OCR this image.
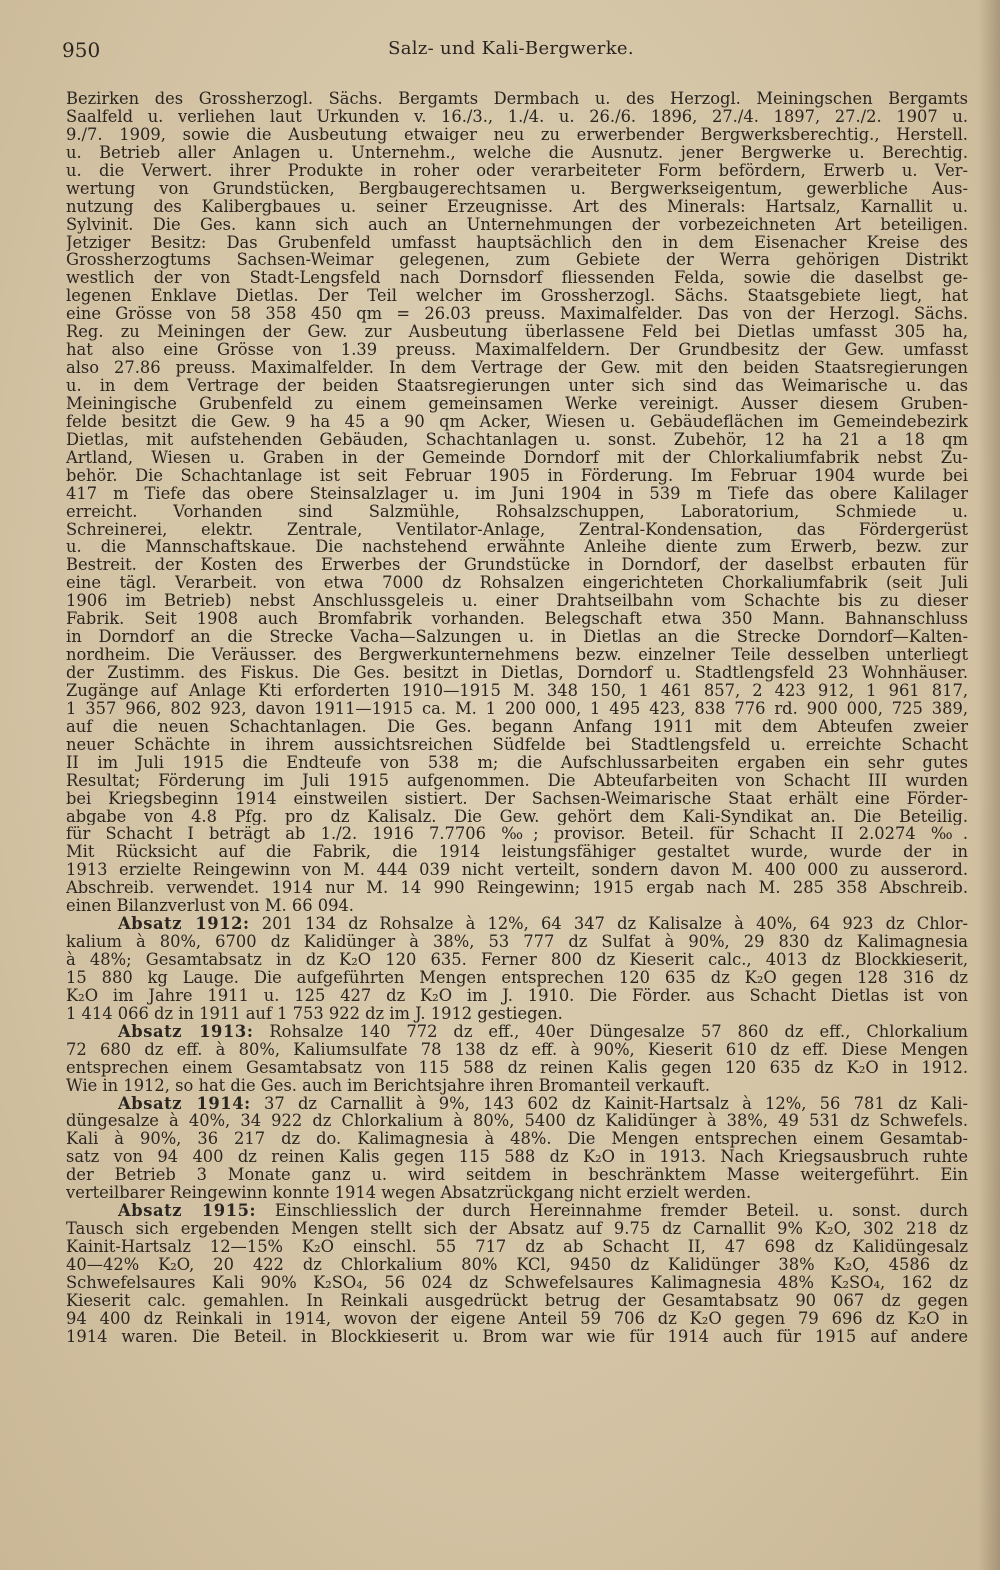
950	Salz- und Kali-Bergwerke.
Bezirken des Grossherzogl. Sächs. Bergamts Dermbach u. des Herzogl. Meiningschen Bergamts
Saalfeld u. verliehen laut Urkunden v. 16./3., 1./4. u. 26./6. 1896, 27./4. 1897, 27./2. 1907 u.
9./7. 1909, sowie die Ausbeutung etwaiger neu zu erwerbender Bergwerksberechtig., Herstell.
u. Betrieb aller Anlagen u. Unternehm., welche die Ausnutz. jener Bergwerke u. Berechtig.
u. die Verwert. ihrer Produkte in roher oder verarbeiteter Form befördern, Erwerb u. Ver-
wertung von Grundstücken, Bergbaugerechtsamen u. Bergwerkseigentum, gewerbliche Aus-
nutzung des Kalibergbaues u. seiner Erzeugnisse. Art des Minerals: Hartsalz, Karnallit u.
Sylvinit. Die Ges. kann sich auch an Unternehmungen der vorbezeichneten Art beteiligen.
Jetziger Besitz: Das Grubenfeld umfasst hauptsächlich den in dem Eisenacher Kreise des
Grossherzogtums Sachsen-Weimar gelegenen, zum Gebiete der Werra gehörigen Distrikt
westlich der von Stadt-Lengsfeld nach Dornsdorf fliessenden Felda, sowie die daselbst ge-
legenen Enklave Dietlas. Der Teil welcher im Grossherzogl. Sächs. Staatsgebiete liegt, hat
eine Grösse von 58 358 450 qm = 26.03 preuss. Maximalfelder. Das von der Herzogl. Sächs.
Reg. zu Meiningen der Gew. zur Ausbeutung überlassene Feld bei Dietlas umfasst 305 ha,
hat also eine Grösse von 1.39 preuss. Maximalfeldern. Der Grundbesitz der Gew. umfasst
also 27.86 preuss. Maximalfelder. In dem Vertrage der Gew. mit den beiden Staatsregierungen
u. in dem Vertrage der beiden Staatsregierungen unter sich sind das Weimarische u. das
Meiningische Grubenfeld zu einem gemeinsamen Werke vereinigt. Ausser diesem Gruben-
felde besitzt die Gew. 9 ha 45 a 90 qm Acker, Wiesen u. Gebäudeflächen im Gemeindebezirk
Dietlas, mit aufstehenden Gebäuden, Schachtanlagen u. sonst. Zubehör, 12 ha 21 a 18 qm
Artland, Wiesen u. Graben in der Gemeinde Dorndorf mit der Chlorkaliumfabrik nebst Zu-
behör. Die Schachtanlage ist seit Februar 1905 in Förderung. Im Februar 1904 wurde bei
417 m Tiefe das obere Steinsalzlager u. im Juni 1904 in 539 m Tiefe das obere Kalilager
erreicht. Vorhanden sind Salzmühle, Rohsalzschuppen, Laboratorium, Schmiede u.
Schreinerei, elektr. Zentrale, Ventilator-Anlage, Zentral-Kondensation, das Fördergerüst
u. die Mannschaftskaue. Die nachstehend erwähnte Anleihe diente zum Erwerb, bezw. zur
Bestreit. der Kosten des Erwerbes der Grundstücke in Dorndorf, der daselbst erbauten für
eine tägl. Verarbeit. von etwa 7000 dz Rohsalzen eingerichteten Chorkaliumfabrik (seit Juli
1906 im Betrieb) nebst Anschlussgeleis u. einer Drahtseilbahn vom Schachte bis zu dieser
Fabrik. Seit 1908 auch Bromfabrik vorhanden. Belegschaft etwa 350 Mann. Bahnanschluss
in Dorndorf an die Strecke Vacha—Salzungen u. in Dietlas an die Strecke Dorndorf—Kalten-
nordheim. Die Veräusser. des Bergwerkunternehmens bezw. einzelner Teile desselben unterliegt
der Zustimm. des Fiskus. Die Ges. besitzt in Dietlas, Dorndorf u. Stadtlengsfeld 23 Wohnhäuser.
Zugänge auf Anlage Kti erforderten 1910—1915 M. 348 150, 1 461 857, 2 423 912, 1 961 817,
1 357 966, 802 923, davon 1911—1915 ca. M. 1 200 000, 1 495 423, 838 776 rd. 900 000, 725 389,
auf die neuen Schachtanlagen. Die Ges. begann Anfang 1911 mit dem Abteufen zweier
neuer Schächte in ihrem aussichtsreichen Südfelde bei Stadtlengsfeld u. erreichte Schacht
II im Juli 1915 die Endteufe von 538 m; die Aufschlussarbeiten ergaben ein sehr gutes
Resultat; Förderung im Juli 1915 aufgenommen. Die Abteufarbeiten von Schacht III wurden
bei Kriegsbeginn 1914 einstweilen sistiert. Der Sachsen-Weimarische Staat erhält eine Förder-
abgabe von 4.8 Pfg. pro dz Kalisalz. Die Gew. gehört dem Kali-Syndikat an. Die Beteilig.
für Schacht I beträgt ab 1./2. 1916 7.7706 ‰; provisor. Beteil. für Schacht II 2.0274 ‰.
Mit Rücksicht auf die Fabrik, die 1914 leistungsfähiger gestaltet wurde, wurde der in
1913 erzielte Reingewinn von M. 444 039 nicht verteilt, sondern davon M. 400 000 zu ausserord.
Abschreib. verwendet. 1914 nur M. 14 990 Reingewinn; 1915 ergab nach M. 285 358 Abschreib.
einen Bilanzverlust von M. 66 094.
Absatz 1912: 201 134 dz Rohsalze à 12%, 64 347 dz Kalisalze à 40%, 64 923 dz Chlor-
kalium à 80%, 6700 dz Kalidünger à 38%, 53 777 dz Sulfat à 90%, 29 830 dz Kalimagnesia
à 48%; Gesamtabsatz in dz K₂O 120 635. Ferner 800 dz Kieserit calc., 4013 dz Blockkieserit,
15 880 kg Lauge. Die aufgeführten Mengen entsprechen 120 635 dz K₂O gegen 128 316 dz
K₂O im Jahre 1911 u. 125 427 dz K₂O im J. 1910. Die Förder. aus Schacht Dietlas ist von
1 414 066 dz in 1911 auf 1 753 922 dz im J. 1912 gestiegen.
Absatz 1913: Rohsalze 140 772 dz eff., 40er Düngesalze 57 860 dz eff., Chlorkalium
72 680 dz eff. à 80%, Kaliumsulfate 78 138 dz eff. à 90%, Kieserit 610 dz eff. Diese Mengen
entsprechen einem Gesamtabsatz von 115 588 dz reinen Kalis gegen 120 635 dz K₂O in 1912.
Wie in 1912, so hat die Ges. auch im Berichtsjahre ihren Bromanteil verkauft.
Absatz 1914: 37 dz Carnallit à 9%, 143 602 dz Kainit-Hartsalz à 12%, 56 781 dz Kali-
düngesalze à 40%, 34 922 dz Chlorkalium à 80%, 5400 dz Kalidünger à 38%, 49 531 dz Schwefels.
Kali à 90%, 36 217 dz do. Kalimagnesia à 48%. Die Mengen entsprechen einem Gesamtab-
satz von 94 400 dz reinen Kalis gegen 115 588 dz K₂O in 1913. Nach Kriegsausbruch ruhte
der Betrieb 3 Monate ganz u. wird seitdem in beschränktem Masse weitergeführt. Ein
verteilbarer Reingewinn konnte 1914 wegen Absatzrückgang nicht erzielt werden.
Absatz 1915: Einschliesslich der durch Hereinnahme fremder Beteil. u. sonst. durch
Tausch sich ergebenden Mengen stellt sich der Absatz auf 9.75 dz Carnallit 9% K₂O, 302 218 dz
Kainit-Hartsalz 12—15% K₂O einschl. 55 717 dz ab Schacht II, 47 698 dz Kalidüngesalz
40—42% K₂O, 20 422 dz Chlorkalium 80% KCl, 9450 dz Kalidünger 38% K₂O, 4586 dz
Schwefelsaures Kali 90% K₂SO₄, 56 024 dz Schwefelsaures Kalimagnesia 48% K₂SO₄, 162 dz
Kieserit calc. gemahlen. In Reinkali ausgedrückt betrug der Gesamtabsatz 90 067 dz gegen
94 400 dz Reinkali in 1914, wovon der eigene Anteil 59 706 dz K₂O gegen 79 696 dz K₂O in
1914 waren. Die Beteil. in Blockkieserit u. Brom war wie für 1914 auch für 1915 auf andere
